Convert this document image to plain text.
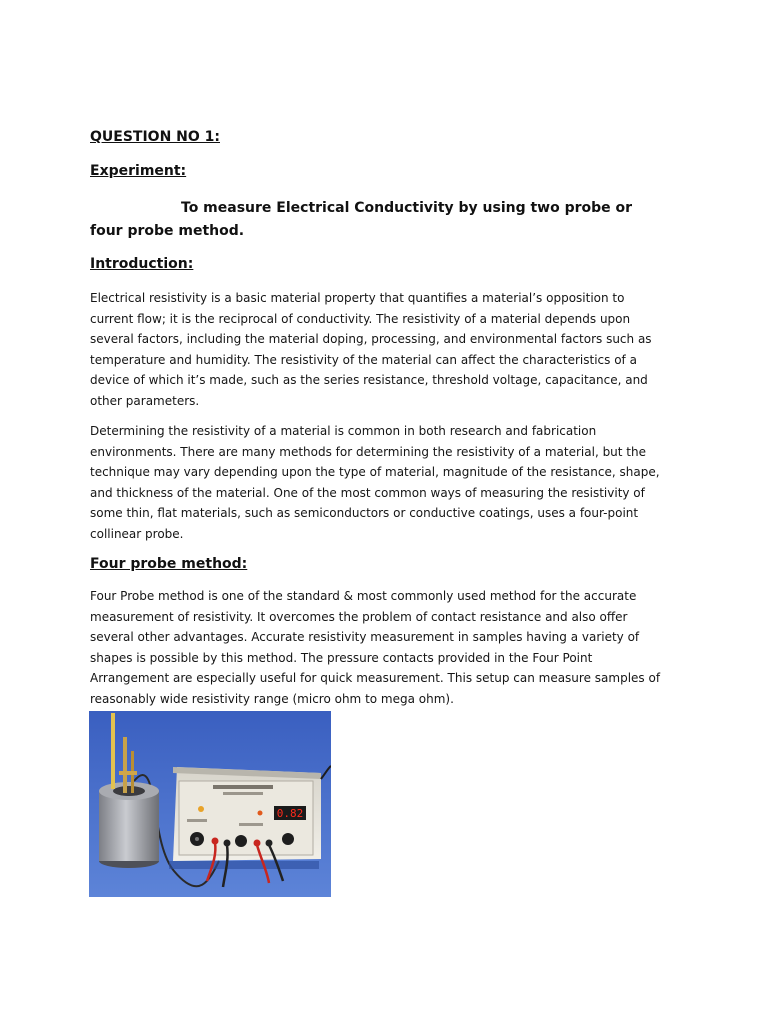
QUESTION NO 1:
Experiment:

To measure Electrical Conductivity by using two probe or four probe method.

Introduction:

Electrical resistivity is a basic material property that quantifies a material’s opposition to current flow; it is the reciprocal of conductivity. The resistivity of a material depends upon several factors, including the material doping, processing, and environmental factors such as temperature and humidity. The resistivity of the material can affect the characteristics of a device of which it’s made, such as the series resistance, threshold voltage, capacitance, and other parameters.

Determining the resistivity of a material is common in both research and fabrication environments. There are many methods for determining the resistivity of a material, but the technique may vary depending upon the type of material, magnitude of the resistance, shape, and thickness of the material. One of the most common ways of measuring the resistivity of some thin, flat materials, such as semiconductors or conductive coatings, uses a four-point collinear probe.

Four probe method:

Four Probe method is one of the standard & most commonly used method for the accurate measurement of resistivity. It overcomes the problem of contact resistance and also offer several other advantages. Accurate resistivity measurement in samples having a variety of shapes is possible by this method. The pressure contacts provided in the Four Point Arrangement are especially useful for quick measurement. This setup can measure samples of reasonably wide resistivity range (micro ohm to mega ohm).

0.82
